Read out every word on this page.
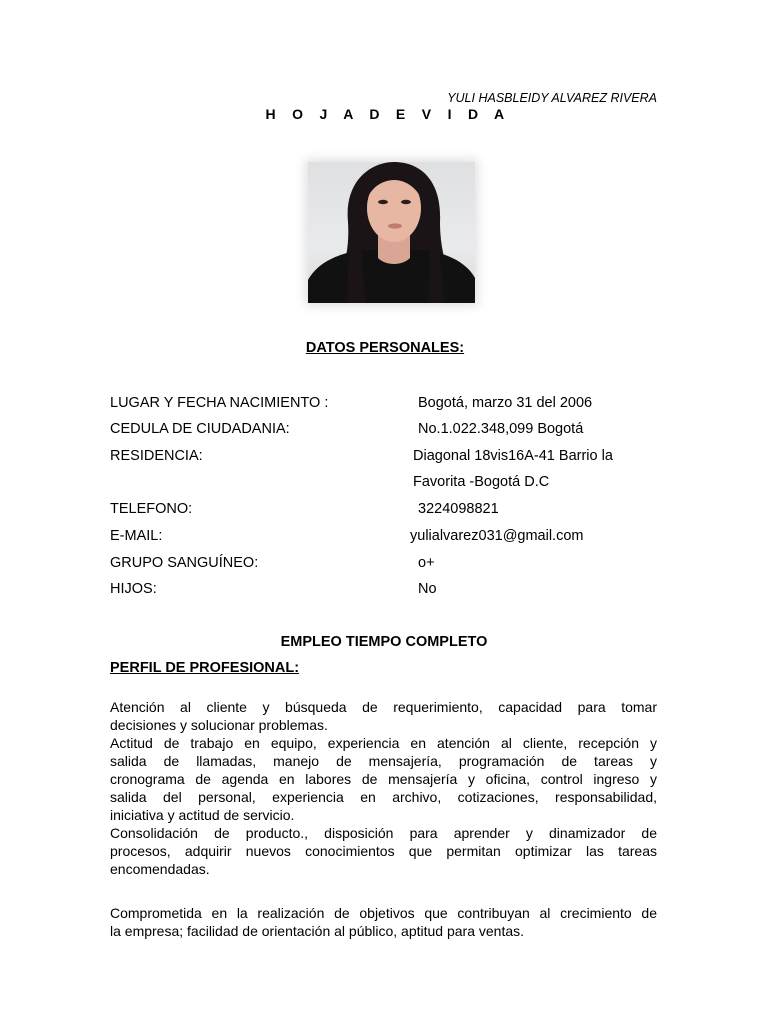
YULI HASBLEIDY ALVAREZ RIVERA
H O J A D E V I D A
DATOS PERSONALES:
LUGAR Y FECHA NACIMIENTO :	Bogotá, marzo 31 del 2006
CEDULA DE CIUDADANIA:	No.1.022.348,099 Bogotá
RESIDENCIA:	Diagonal 18vis16A-41 Barrio la
Favorita -Bogotá D.C
TELEFONO:	3224098821
E-MAIL:	yulialvarez031@gmail.com
GRUPO SANGUÍNEO:	o+
HIJOS:	No
EMPLEO TIEMPO COMPLETO
PERFIL DE PROFESIONAL:
Atención al cliente y búsqueda de requerimiento, capacidad para tomar
decisiones y solucionar problemas.
Actitud de trabajo en equipo, experiencia en atención al cliente, recepción y
salida de llamadas, manejo de mensajería, programación de tareas y
cronograma de agenda en labores de mensajería y oficina, control ingreso y
salida del personal, experiencia en archivo, cotizaciones, responsabilidad,
iniciativa y actitud de servicio.
Consolidación de producto., disposición para aprender y dinamizador de
procesos, adquirir nuevos conocimientos que permitan optimizar las tareas
encomendadas.
Comprometida en la realización de objetivos que contribuyan al crecimiento de
la empresa; facilidad de orientación al público, aptitud para ventas.
